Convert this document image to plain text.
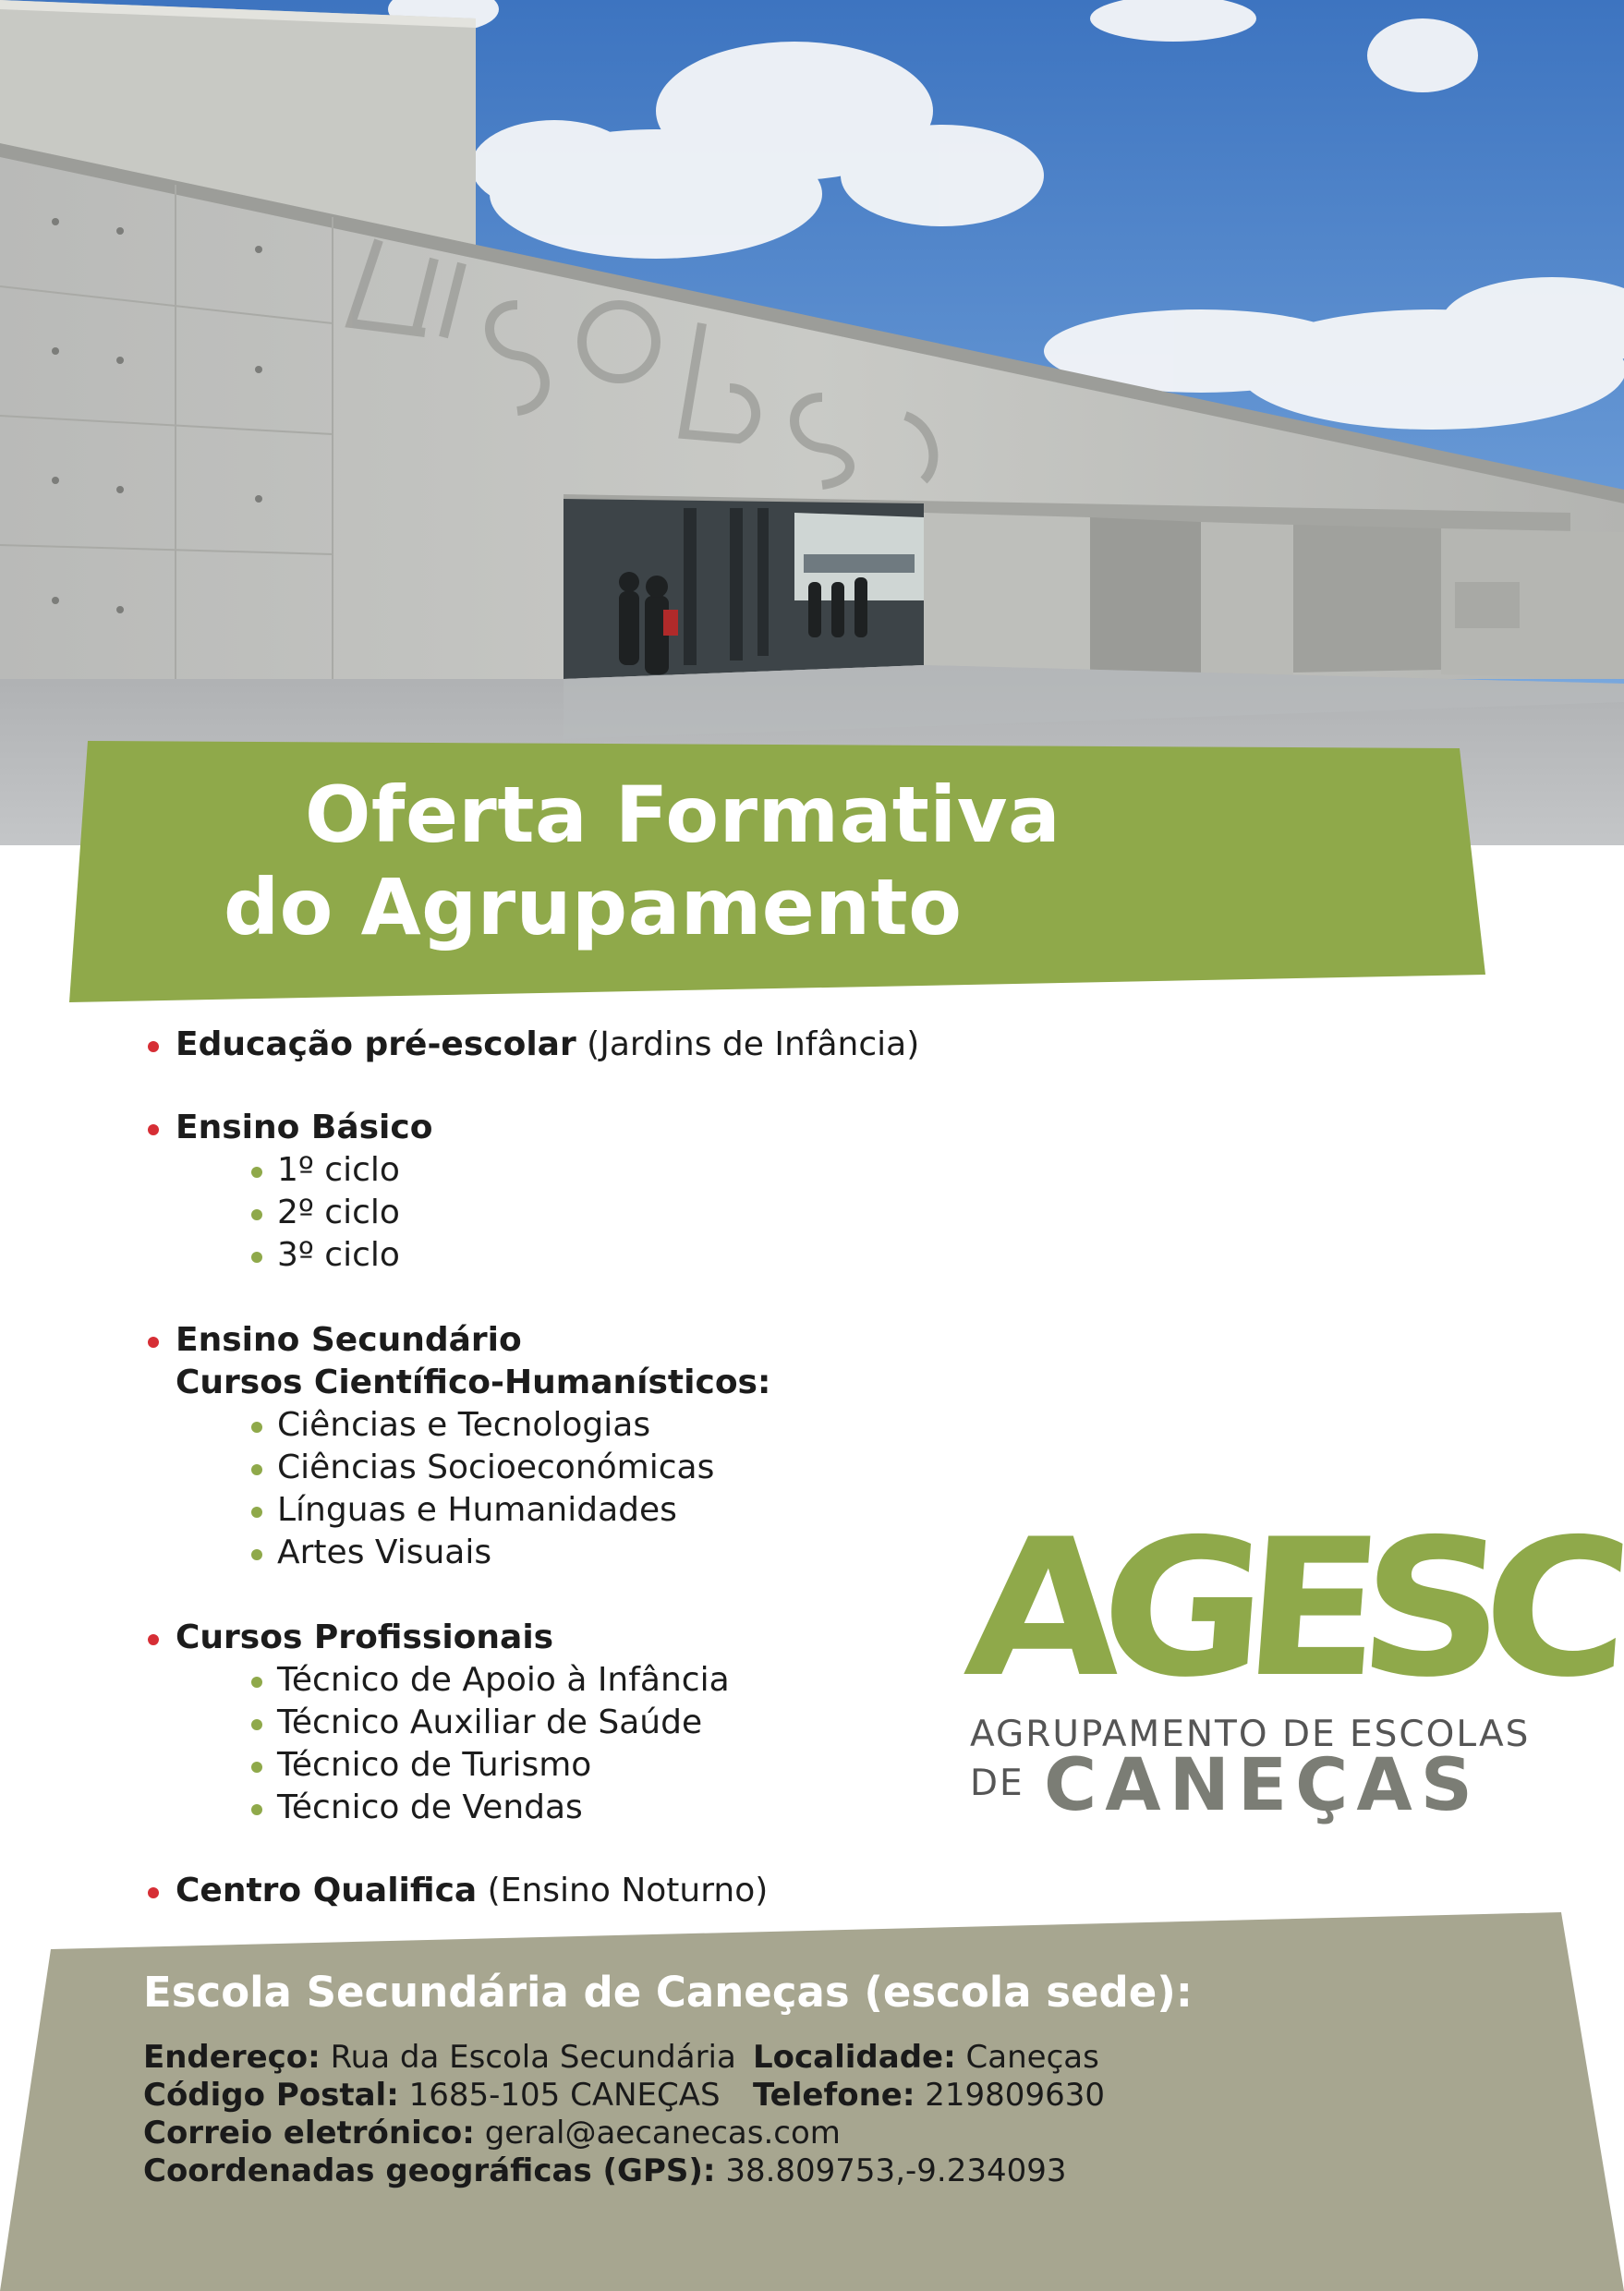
Oferta Formativa
do Agrupamento
Educação pré-escolar (Jardins de Infância)
Ensino Básico
1º ciclo
2º ciclo
3º ciclo
Ensino Secundário
Cursos Científico-Humanísticos:
Ciências e Tecnologias
Ciências Socioeconómicas
Línguas e Humanidades
Artes Visuais
Cursos Profissionais
Técnico de Apoio à Infância
Técnico Auxiliar de Saúde
Técnico de Turismo
Técnico de Vendas
Centro Qualifica (Ensino Noturno)
AGESC
AGRUPAMENTO DE ESCOLAS
DE CANEÇAS
Escola Secundária de Caneças (escola sede):
Endereço: Rua da Escola Secundária Localidade: Caneças
Código Postal: 1685-105 CANEÇAS Telefone: 219809630
Correio eletrónico: geral@aecanecas.com
Coordenadas geográficas (GPS): 38.809753,-9.234093
